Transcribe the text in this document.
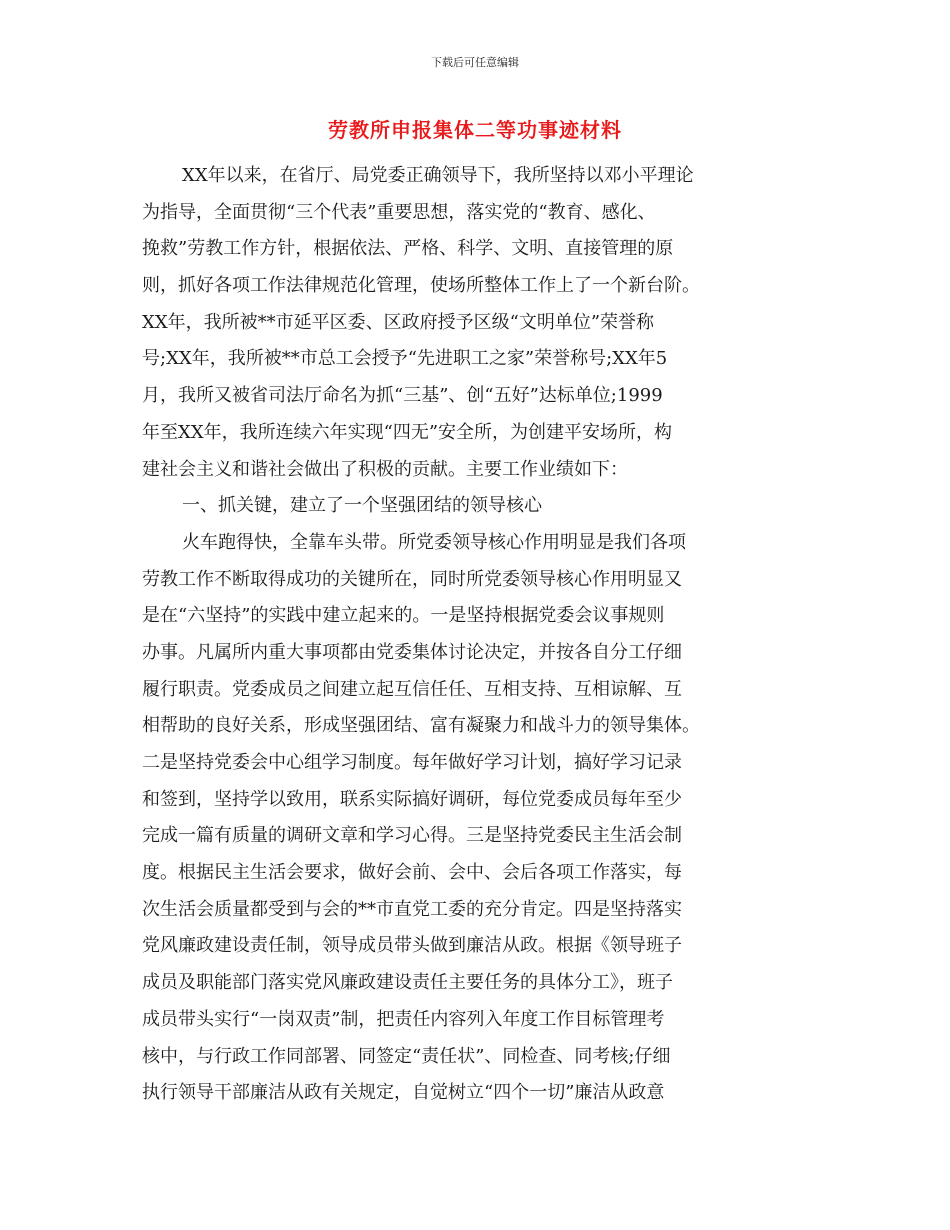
下载后可任意编辑
劳教所申报集体二等功事迹材料
XX年以来，在省厅、局党委正确领导下，我所坚持以邓小平理论
为指导，全面贯彻“三个代表”重要思想，落实党的“教育、感化、
挽救”劳教工作方针，根据依法、严格、科学、文明、直接管理的原
则，抓好各项工作法律规范化管理，使场所整体工作上了一个新台阶。
XX年，我所被**市延平区委、区政府授予区级“文明单位”荣誉称
号;XX年，我所被**市总工会授予“先进职工之家”荣誉称号;XX年5
月，我所又被省司法厅命名为抓“三基”、创“五好”达标单位;1999
年至XX年，我所连续六年实现“四无”安全所，为创建平安场所，构
建社会主义和谐社会做出了积极的贡献。主要工作业绩如下：
一、抓关键，建立了一个坚强团结的领导核心
火车跑得快，全靠车头带。所党委领导核心作用明显是我们各项
劳教工作不断取得成功的关键所在，同时所党委领导核心作用明显又
是在“六坚持”的实践中建立起来的。一是坚持根据党委会议事规则
办事。凡属所内重大事项都由党委集体讨论决定，并按各自分工仔细
履行职责。党委成员之间建立起互信任任、互相支持、互相谅解、互
相帮助的良好关系，形成坚强团结、富有凝聚力和战斗力的领导集体。
二是坚持党委会中心组学习制度。每年做好学习计划，搞好学习记录
和签到，坚持学以致用，联系实际搞好调研，每位党委成员每年至少
完成一篇有质量的调研文章和学习心得。三是坚持党委民主生活会制
度。根据民主生活会要求，做好会前、会中、会后各项工作落实，每
次生活会质量都受到与会的**市直党工委的充分肯定。四是坚持落实
党风廉政建设责任制，领导成员带头做到廉洁从政。根据《领导班子
成员及职能部门落实党风廉政建设责任主要任务的具体分工》，班子
成员带头实行“一岗双责”制，把责任内容列入年度工作目标管理考
核中，与行政工作同部署、同签定“责任状”、同检查、同考核;仔细
执行领导干部廉洁从政有关规定，自觉树立“四个一切”廉洁从政意
